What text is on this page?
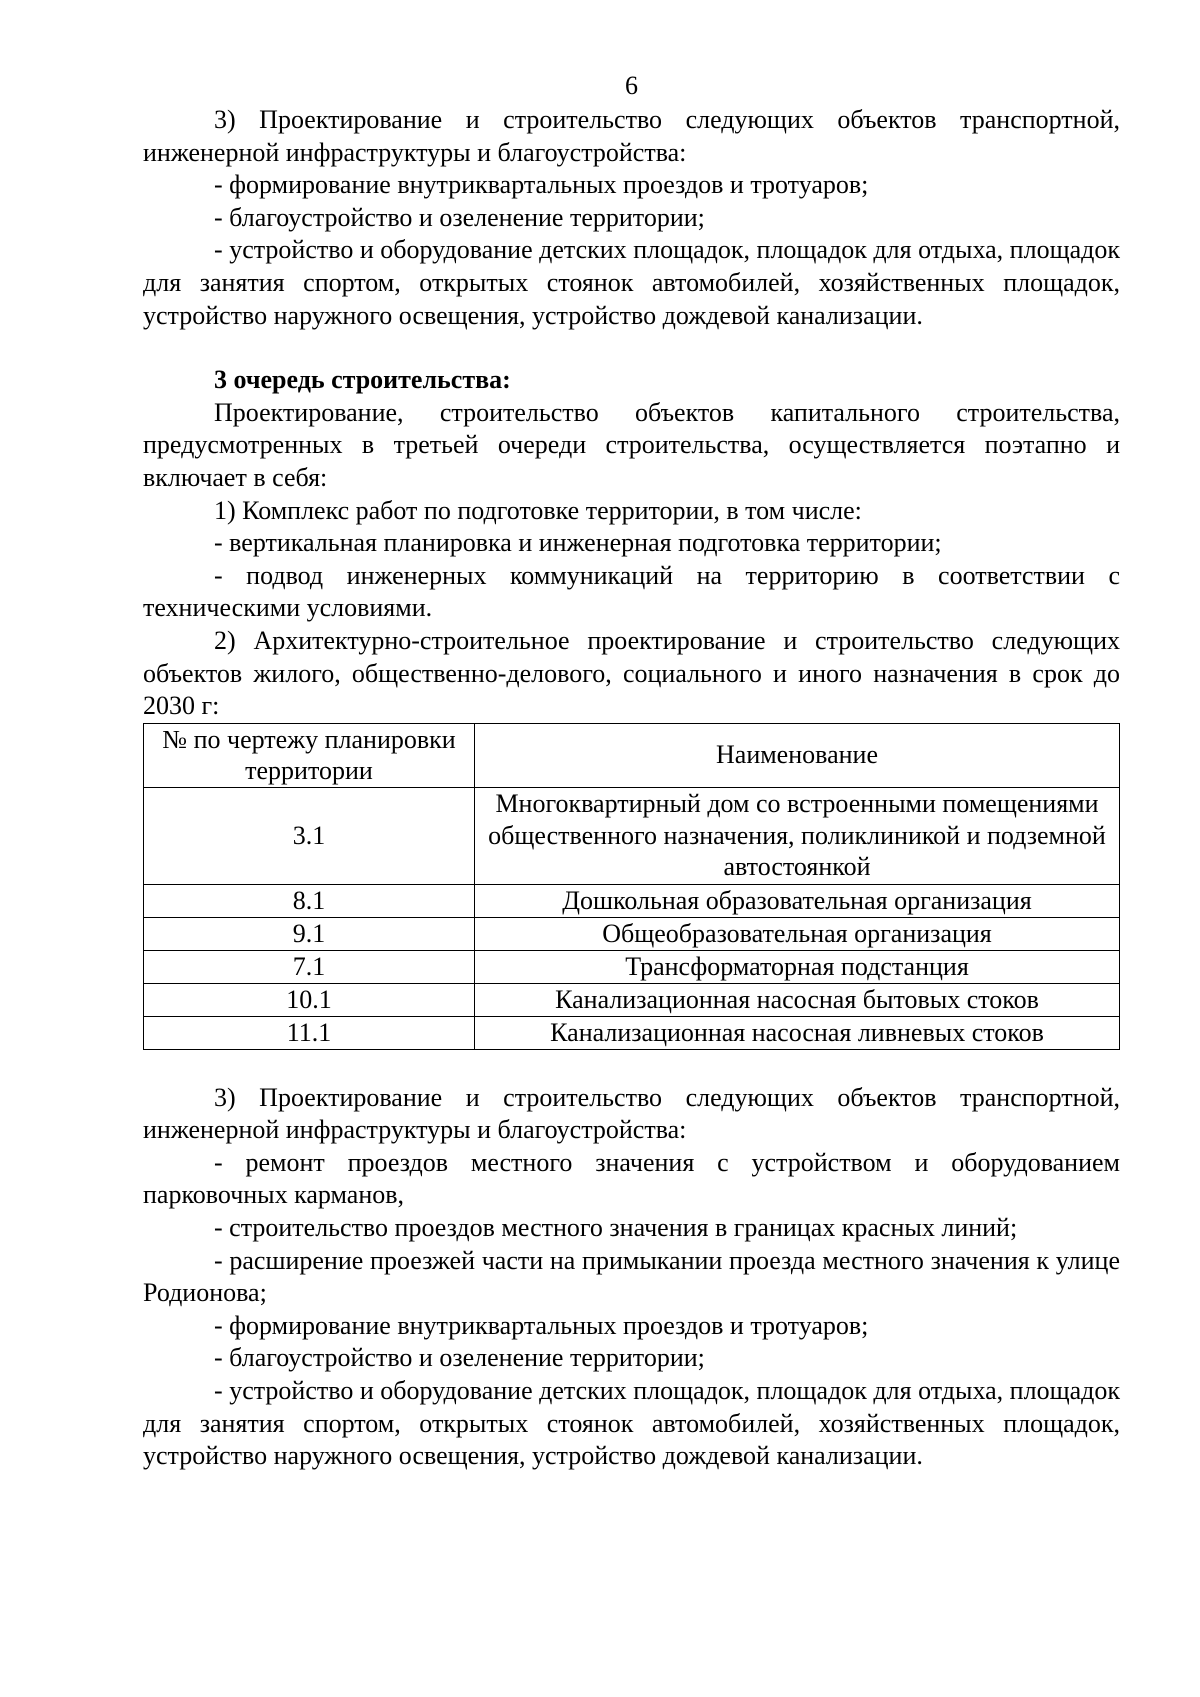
6

3) Проектирование и строительство следующих объектов транспортной, инженерной инфраструктуры и благоустройства:

- формирование внутриквартальных проездов и тротуаров;

- благоустройство и озеленение территории;

- устройство и оборудование детских площадок, площадок для отдыха, площадок для занятия спортом, открытых стоянок автомобилей, хозяйственных площадок, устройство наружного освещения, устройство дождевой канализации.

3 очередь строительства:

Проектирование, строительство объектов капитального строительства, предусмотренных в третьей очереди строительства, осуществляется поэтапно и включает в себя:

1) Комплекс работ по подготовке территории, в том числе:

- вертикальная планировка и инженерная подготовка территории;

- подвод инженерных коммуникаций на территорию в соответствии с техническими условиями.

2) Архитектурно-строительное проектирование и строительство следующих объектов жилого, общественно-делового, социального и иного назначения в срок до 2030 г:

№ по чертежу планировки территории	Наименование
3.1	Многоквартирный дом со встроенными помещениями общественного назначения, поликлиникой и подземной автостоянкой
8.1	Дошкольная образовательная организация
9.1	Общеобразовательная организация
7.1	Трансформаторная подстанция
10.1	Канализационная насосная бытовых стоков
11.1	Канализационная насосная ливневых стоков

3) Проектирование и строительство следующих объектов транспортной, инженерной инфраструктуры и благоустройства:

- ремонт проездов местного значения с устройством и оборудованием парковочных карманов,

- строительство проездов местного значения в границах красных линий;

- расширение проезжей части на примыкании проезда местного значения к улице Родионова;

- формирование внутриквартальных проездов и тротуаров;

- благоустройство и озеленение территории;

- устройство и оборудование детских площадок, площадок для отдыха, площадок для занятия спортом, открытых стоянок автомобилей, хозяйственных площадок, устройство наружного освещения, устройство дождевой канализации.
